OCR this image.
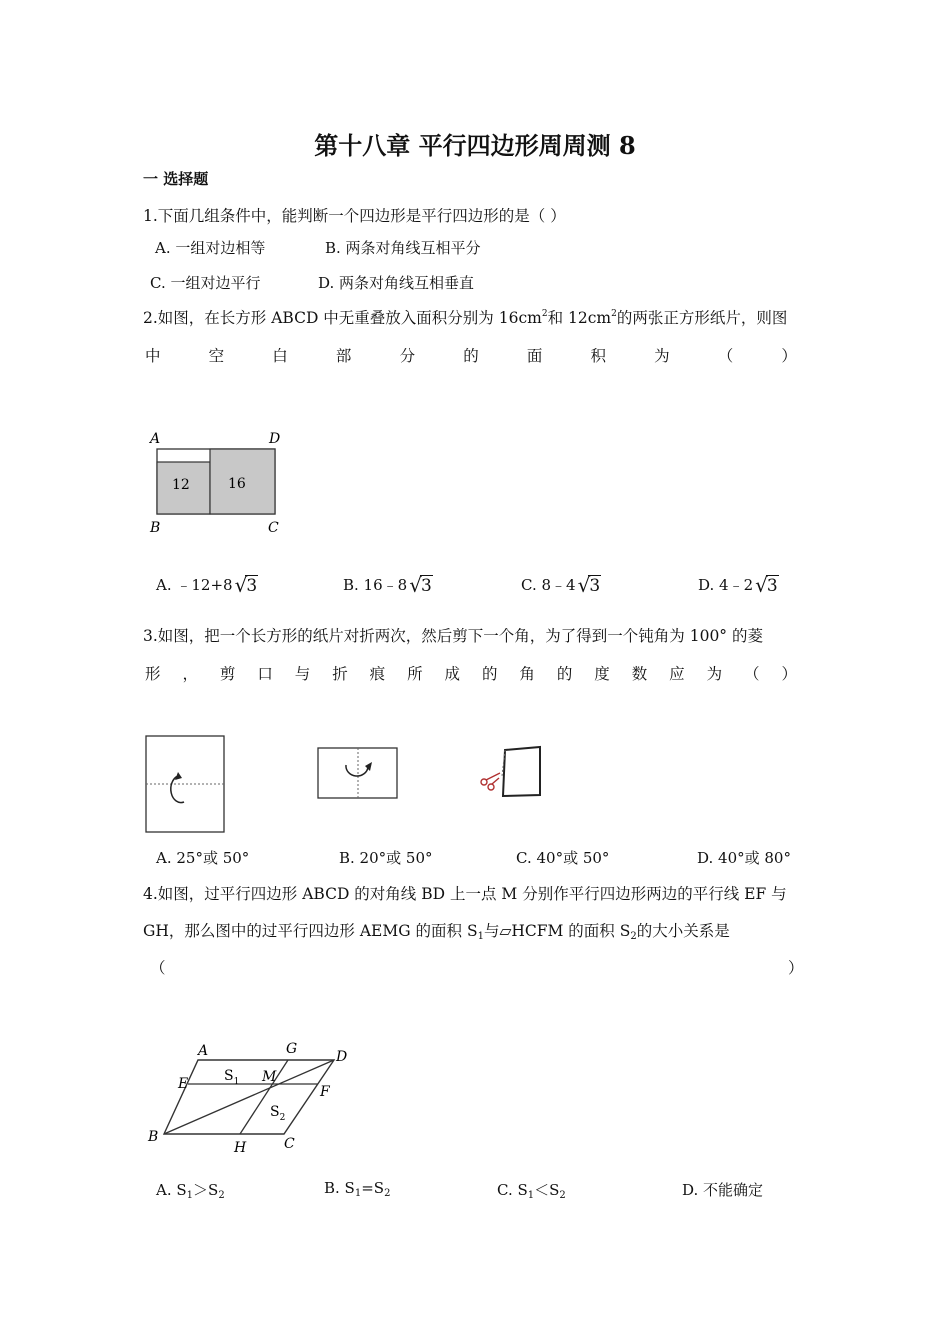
第十八章 平行四边形周周测 8
一 选择题
1.下面几组条件中，能判断一个四边形是平行四边形的是（ ）
A. 一组对边相等	B. 两条对角线互相平分
C. 一组对边平行	D. 两条对角线互相垂直
2.如图，在长方形 ABCD 中无重叠放入面积分别为 $16cm^2$和 $12cm^2$的两张正方形纸片，则图
中	空	白	部	分	的	面	积	为	（	）
12	16
A	D
B	C
A. ﹣12+8 √3	B. 16﹣8 √3	C. 8﹣4 √3	D. 4﹣2 √3
3.如图，把一个长方形的纸片对折两次，然后剪下一个角，为了得到一个钝角为 100° 的菱
形 ， 剪 口 与 折 痕 所 成 的 角 的 度 数 应 为 （ ）
A. 25°或 50°	B. 20°或 50°	C. 40°或 50°	D. 40°或 80°
4.如图，过平行四边形 ABCD 的对角线 BD 上一点 M 分别作平行四边形两边的平行线 EF 与
GH，那么图中的过平行四边形 AEMG 的面积 $S_1$与▱HCFM 的面积 $S_2$的大小关系是
（	）
A	G	D
E	M
F
B
H	C
$S_1$
$S_2$
A. $S_1>S_2$	B. $S_1=S_2$	C. $S_1<S_2$	D. 不能确定
